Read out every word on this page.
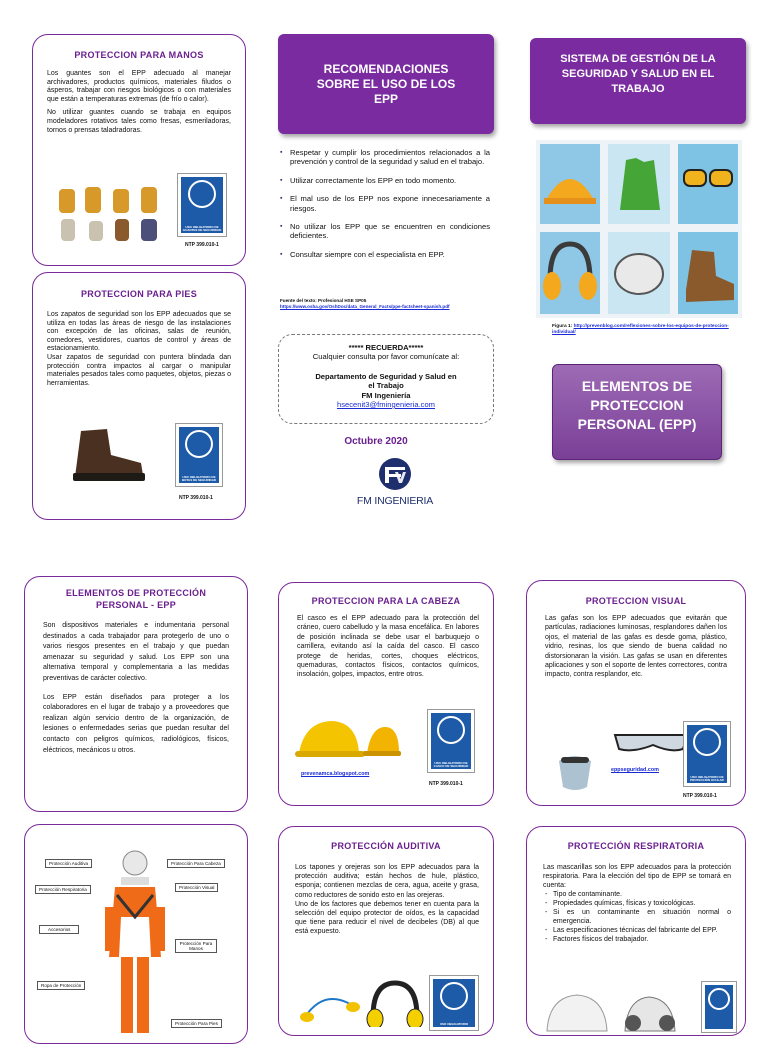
PROTECCION PARA MANOS

Los guantes son el EPP adecuado al manejar archivadores, productos químicos, materiales filudos o ásperos, trabajar con riesgos biológicos o con materiales que están a temperaturas extremas (de frío o calor).

No utilizar guantes cuando se trabaja en equipos modeladores rotativos tales como fresas, esmeriladoras, tornos o prensas taladradoras.

USO OBLIGATORIO DE GUANTES DE SEGURIDAD
NTP 399.010-1
PROTECCION PARA PIES

Los zapatos de seguridad son los EPP adecuados que se utiliza en todas las áreas de riesgo de las instalaciones con excepción de las oficinas, salas de reunión, comedores, vestidores, cuartos de control y áreas de estacionamiento.

Usar zapatos de seguridad con puntera blindada dan protección contra impactos al cargar o manipular materiales pesados tales como paquetes, objetos, piezas o herramientas.

USO OBLIGATORIO DE BOTAS DE SEGURIDAD
NTP 399.010-1
RECOMENDACIONES SOBRE EL USO DE LOS EPP
▪ Respetar y cumplir los procedimientos relacionados a la prevención y control de la seguridad y salud en el trabajo.
▪ Utilizar correctamente los EPP en todo momento.
▪ El mal uso de los EPP nos expone innecesariamente a riesgos.
▪ No utilizar los EPP que se encuentren en condiciones deficientes.
▪ Consultar siempre con el especialista en EPP.
Fuente del texto: Profesional HSE SP05
https://www.osha.gov/OshDoc/data_General_Facts/ppe-factsheet-spanish.pdf
***** RECUERDA*****
Cualquier consulta por favor comunícate al:
Departamento de Seguridad y Salud en el Trabajo
FM Ingeniería
hsecenit3@fmingenieria.com
Octubre 2020
FM INGENIERIA
SISTEMA DE GESTIÓN DE LA SEGURIDAD Y SALUD EN EL TRABAJO
Figura 1: http://prevenblog.com/reflexiones-sobre-los-equipos-de-proteccion-individual/
ELEMENTOS DE PROTECCION PERSONAL (EPP)
ELEMENTOS DE PROTECCIÓN PERSONAL - EPP

Son dispositivos materiales e indumentaria personal destinados a cada trabajador para protegerlo de uno o varios riesgos presentes en el trabajo y que puedan amenazar su seguridad y salud. Los EPP son una alternativa temporal y complementaria a las medidas preventivas de carácter colectivo.

Los EPP están diseñados para proteger a los colaboradores en el lugar de trabajo y a proveedores que realizan algún servicio dentro de la organización, de lesiones o enfermedades serias que puedan resultar del contacto con peligros químicos, radiológicos, físicos, eléctricos, mecánicos u otros.

PROTECCION PARA LA CABEZA

El casco es el EPP adecuado para la protección del cráneo, cuero cabelludo y la masa encefálica. En labores de posición inclinada se debe usar el barbuquejo o carrillera, evitando así la caída del casco. El casco protege de heridas, cortes, choques eléctricos, quemaduras, contactos físicos, contactos químicos, insolación, golpes, impactos, entre otros.

prevenamca.blogspot.com
USO OBLIGATORIO DE CASCO DE SEGURIDAD
NTP 399.010-1
PROTECCION VISUAL

Las gafas son los EPP adecuados que evitarán que partículas, radiaciones luminosas, resplandores dañen los ojos, el material de las gafas es desde goma, plástico, vidrio, resinas, los que siendo de buena calidad no distorsionaran la visión. Las gafas se usan en diferentes aplicaciones y son el soporte de lentes correctores, contra impacto, contra resplandor, etc.

eppseguridad.com
USO OBLIGATORIO DE PROTECCIÓN OCULAR
NTP 399.010-1
Protección Auditiva	Protección Para Cabeza
Protección Respiratoria	Protección Visual
Accesorios
Protección Para Manos
Ropa de Protección
Protección Para Pies
PROTECCIÓN AUDITIVA

Los tapones y orejeras son los EPP adecuados para la protección auditiva; están hechos de hule, plástico, esponja; contienen mezclas de cera, agua, aceite y grasa, como reductores de sonido esto en las orejeras.

Uno de los factores que debemos tener en cuenta para la selección del equipo protector de oídos, es la capacidad que tiene para reducir el nivel de decibeles (DB) al que está expuesto.

USO OBLIGATORIO
PROTECCIÓN RESPIRATORIA

Las mascarillas son los EPP adecuados para la protección respiratoria. Para la elección del tipo de EPP se tomará en cuenta:

- Tipo de contaminante.
- Propiedades químicas, físicas y toxicológicas.
- Si es un contaminante en situación normal o emergencia.
- Las especificaciones técnicas del fabricante del EPP.
- Factores físicos del trabajador.
